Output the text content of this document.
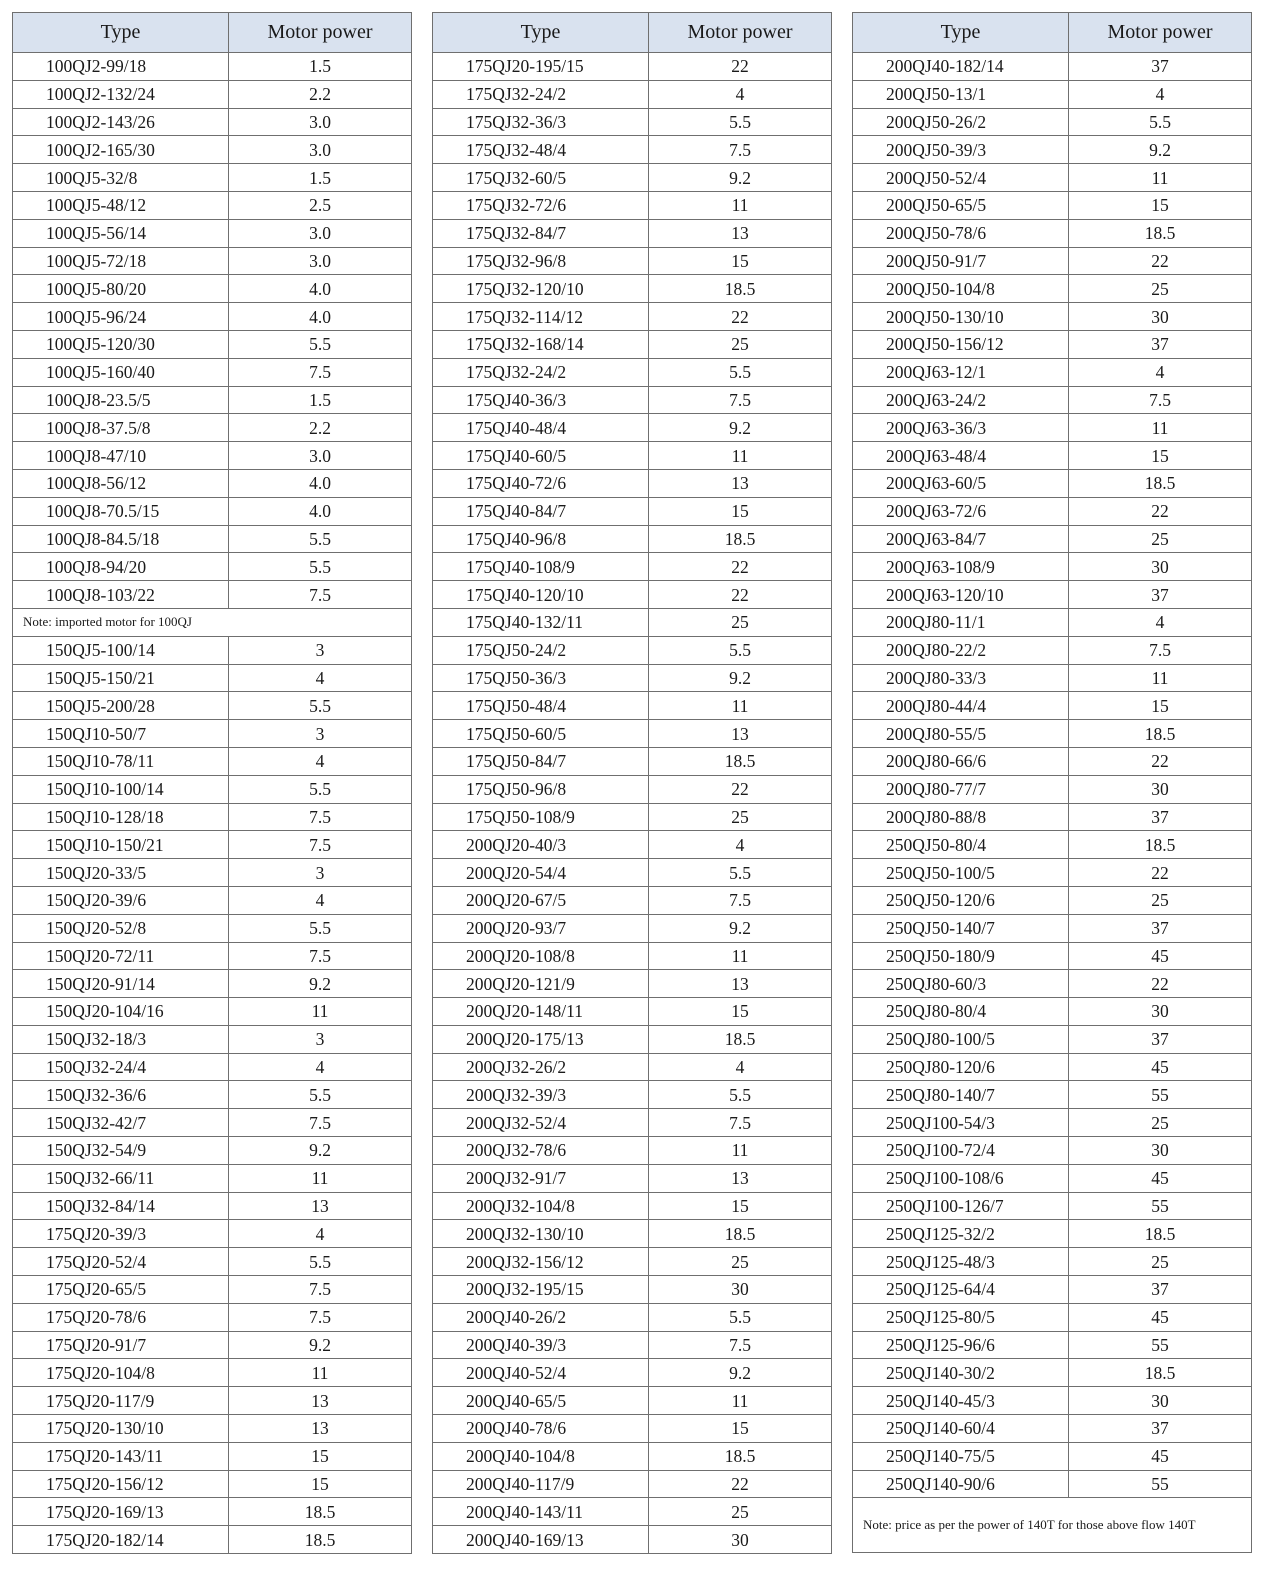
Type	Motor power
100QJ2-99/18	1.5
100QJ2-132/24	2.2
100QJ2-143/26	3.0
100QJ2-165/30	3.0
100QJ5-32/8	1.5
100QJ5-48/12	2.5
100QJ5-56/14	3.0
100QJ5-72/18	3.0
100QJ5-80/20	4.0
100QJ5-96/24	4.0
100QJ5-120/30	5.5
100QJ5-160/40	7.5
100QJ8-23.5/5	1.5
100QJ8-37.5/8	2.2
100QJ8-47/10	3.0
100QJ8-56/12	4.0
100QJ8-70.5/15	4.0
100QJ8-84.5/18	5.5
100QJ8-94/20	5.5
100QJ8-103/22	7.5
Note: imported motor for 100QJ	
150QJ5-100/14	3
150QJ5-150/21	4
150QJ5-200/28	5.5
150QJ10-50/7	3
150QJ10-78/11	4
150QJ10-100/14	5.5
150QJ10-128/18	7.5
150QJ10-150/21	7.5
150QJ20-33/5	3
150QJ20-39/6	4
150QJ20-52/8	5.5
150QJ20-72/11	7.5
150QJ20-91/14	9.2
150QJ20-104/16	11
150QJ32-18/3	3
150QJ32-24/4	4
150QJ32-36/6	5.5
150QJ32-42/7	7.5
150QJ32-54/9	9.2
150QJ32-66/11	11
150QJ32-84/14	13
175QJ20-39/3	4
175QJ20-52/4	5.5
175QJ20-65/5	7.5
175QJ20-78/6	7.5
175QJ20-91/7	9.2
175QJ20-104/8	11
175QJ20-117/9	13
175QJ20-130/10	13
175QJ20-143/11	15
175QJ20-156/12	15
175QJ20-169/13	18.5
175QJ20-182/14	18.5
Type	Motor power
175QJ20-195/15	22
175QJ32-24/2	4
175QJ32-36/3	5.5
175QJ32-48/4	7.5
175QJ32-60/5	9.2
175QJ32-72/6	11
175QJ32-84/7	13
175QJ32-96/8	15
175QJ32-120/10	18.5
175QJ32-114/12	22
175QJ32-168/14	25
175QJ32-24/2	5.5
175QJ40-36/3	7.5
175QJ40-48/4	9.2
175QJ40-60/5	11
175QJ40-72/6	13
175QJ40-84/7	15
175QJ40-96/8	18.5
175QJ40-108/9	22
175QJ40-120/10	22
175QJ40-132/11	25
175QJ50-24/2	5.5
175QJ50-36/3	9.2
175QJ50-48/4	11
175QJ50-60/5	13
175QJ50-84/7	18.5
175QJ50-96/8	22
175QJ50-108/9	25
200QJ20-40/3	4
200QJ20-54/4	5.5
200QJ20-67/5	7.5
200QJ20-93/7	9.2
200QJ20-108/8	11
200QJ20-121/9	13
200QJ20-148/11	15
200QJ20-175/13	18.5
200QJ32-26/2	4
200QJ32-39/3	5.5
200QJ32-52/4	7.5
200QJ32-78/6	11
200QJ32-91/7	13
200QJ32-104/8	15
200QJ32-130/10	18.5
200QJ32-156/12	25
200QJ32-195/15	30
200QJ40-26/2	5.5
200QJ40-39/3	7.5
200QJ40-52/4	9.2
200QJ40-65/5	11
200QJ40-78/6	15
200QJ40-104/8	18.5
200QJ40-117/9	22
200QJ40-143/11	25
200QJ40-169/13	30
Type	Motor power
200QJ40-182/14	37
200QJ50-13/1	4
200QJ50-26/2	5.5
200QJ50-39/3	9.2
200QJ50-52/4	11
200QJ50-65/5	15
200QJ50-78/6	18.5
200QJ50-91/7	22
200QJ50-104/8	25
200QJ50-130/10	30
200QJ50-156/12	37
200QJ63-12/1	4
200QJ63-24/2	7.5
200QJ63-36/3	11
200QJ63-48/4	15
200QJ63-60/5	18.5
200QJ63-72/6	22
200QJ63-84/7	25
200QJ63-108/9	30
200QJ63-120/10	37
200QJ80-11/1	4
200QJ80-22/2	7.5
200QJ80-33/3	11
200QJ80-44/4	15
200QJ80-55/5	18.5
200QJ80-66/6	22
200QJ80-77/7	30
200QJ80-88/8	37
250QJ50-80/4	18.5
250QJ50-100/5	22
250QJ50-120/6	25
250QJ50-140/7	37
250QJ50-180/9	45
250QJ80-60/3	22
250QJ80-80/4	30
250QJ80-100/5	37
250QJ80-120/6	45
250QJ80-140/7	55
250QJ100-54/3	25
250QJ100-72/4	30
250QJ100-108/6	45
250QJ100-126/7	55
250QJ125-32/2	18.5
250QJ125-48/3	25
250QJ125-64/4	37
250QJ125-80/5	45
250QJ125-96/6	55
250QJ140-30/2	18.5
250QJ140-45/3	30
250QJ140-60/4	37
250QJ140-75/5	45
250QJ140-90/6	55
Note: price as per the power of 140T for those above flow 140T	
